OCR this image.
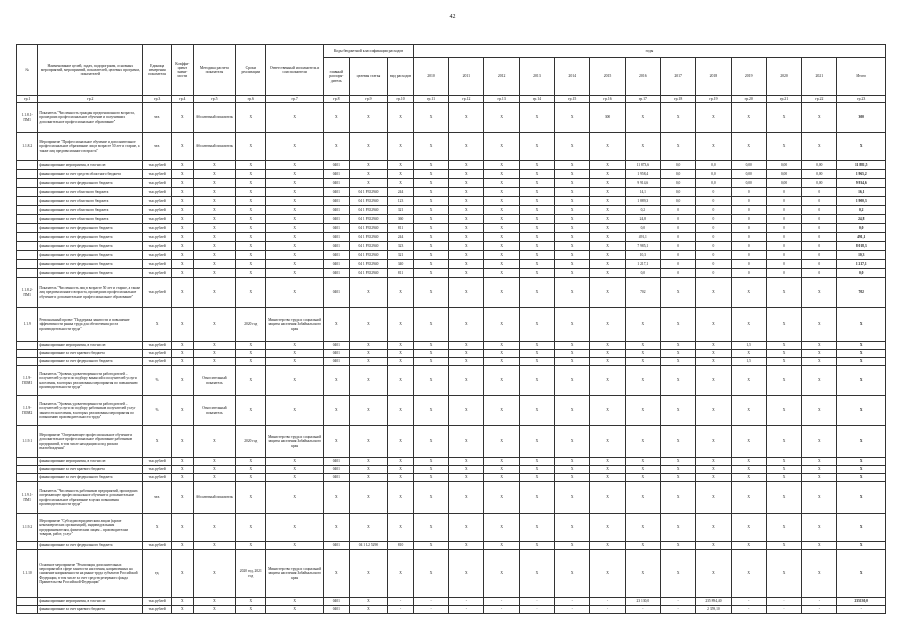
42
№	Наименование целей, задач, подпрограмм, основных мероприятий, мероприятий, показателей, целевых программ, показателей	Единица измерения показателя	Коэффи-циент значи-мости	Методика расчета показателя	Сроки реализации	Ответственный исполнитель и соисполнители	Коды бюджетной классификации расходов			годы												
							главный распоря-дитель	целевая статья	вид расходов	2010	2011	2012	2013	2014	2015	2016	2017	2018	2019	2020	2021	Итого
гр.1	гр.2	гр.3	гр.4	гр.5	гр.6	гр.7	гр.8	гр.9	гр.10	гр.11	гр.12	гр.13	гр.14	гр.15	гр.16	гр.17	гр.18	гр.19	гр.20	гр.21	гр.22	гр.23
1.1.8.1-ПМ1	Показатель "Численность граждан предпенсионного возраста, прошедших профессиональное обучение и получивших дополнительное профессиональное образование"	чел.	Х	Абсолютный показатель	Х	Х	Х	Х	Х	Х	Х	Х	Х	Х	300	Х	Х	Х	Х	Х	Х	300
1.1.8.2	Мероприятие "Профессиональное обучение и дополнительное профессиональное образование лиц в возрасте 50 лет и старше, а также лиц предпенсионного возраста"	чел.	Х	Абсолютный показатель	Х	Х	Х	Х	Х	Х	Х	Х	Х	Х	Х	Х	Х	Х	Х	Х	Х	Х
	финансирование мероприятия, в том числе:	тыс.рублей	Х	Х	Х	Х	0401	Х	Х	Х	Х	Х	Х	Х	Х	11 873,6	0,0	0,0	0,00	0,00	0,00	11 881,5
	финансирование за счет средств областного бюджета	тыс.рублей	Х	Х	Х	Х	0401	Х	Х	Х	Х	Х	Х	Х	Х	1 958,4	0,0	0,0	0,00	0,00	0,00	1 965,2
	финансирование за счет федерального бюджета	тыс.рублей	Х	Х	Х	Х	0401	Х	Х	Х	Х	Х	Х	Х	Х	9 914,6	0,0	0,0	0,00	0,00	0,00	9 934,6
	финансирование за счет областного бюджета	тыс.рублей	Х	Х	Х	Х	0401	04 1 P352940	244	Х	Х	Х	Х	Х	Х	14,1	0,0	0	0	0	0	16,1
	финансирование за счет областного бюджета	тыс.рублей	Х	Х	Х	Х	0401	04 1 P352940	123	Х	Х	Х	Х	Х	Х	1 889,3	0,0	0	0	0	0	1 900,3
	финансирование за счет областного бюджета	тыс.рублей	Х	Х	Х	Х	0401	04 1 P352940	321	Х	Х	Х	Х	Х	Х	0,2	0	0	0	0	0	0,2
	финансирование за счет областного бюджета	тыс.рублей	Х	Х	Х	Х	0401	04 1 P352940	360	Х	Х	Х	Х	Х	Х	24,8	0	0	0	0	0	24,8
	финансирование за счет федерального бюджета	тыс.рублей	Х	Х	Х	Х	0401	04 1 P352940	811	Х	Х	Х	Х	Х	Х	0,0	0	0	0	0	0	0,0
	финансирование за счет федерального бюджета	тыс.рублей	Х	Х	Х	Х	0401	04 1 P352940	244	Х	Х	Х	Х	Х	Х	491,1	0	0	0	0	0	491,1
	финансирование за счет федерального бюджета	тыс.рублей	Х	Х	Х	Х	0401	04 1 P352940	323	Х	Х	Х	Х	Х	Х	7 985,1	0	0	0	0	0	8 018,3
	финансирование за счет федерального бюджета	тыс.рублей	Х	Х	Х	Х	0401	04 1 P352940	321	Х	Х	Х	Х	Х	Х	10,3	0	0	0	0	0	10,3
	финансирование за счет федерального бюджета	тыс.рублей	Х	Х	Х	Х	0401	04 1 P352940	340	Х	Х	Х	Х	Х	Х	1 217,1	0	0	0	0	0	1 217,1
	финансирование за счет федерального бюджета	тыс.рублей	Х	Х	Х	Х	0401	04 1 P352940	811	Х	Х	Х	Х	Х	Х	0,0	0	0	0	0	0	0,0
1.1.8.2-ПМ1	Показатель "Численность лиц в возрасте 50 лет и старше, а также лиц предпенсионного возраста, прошедших профессиональное обучение и дополнительное профессиональное образование"	тыс.рублей	Х	Х	Х	Х	0401	Х	Х	Х	Х	Х	Х	Х	Х	702	Х	Х	Х	Х	Х	702
1.1.9	Региональный проект "Поддержка занятости и повышение эффективности рынка труда для обеспечения роста производительности труда"	Х	Х	Х	2020 год	Министерство труда и социальной защиты населения Забайкальского края	Х	Х	Х	Х	Х	Х	Х	Х	Х	Х	Х	Х	Х	Х	Х	Х
	финансирование мероприятия, в том числе:	тыс.рублей	Х	Х	Х	Х	0401	Х	Х	Х	Х	Х	Х	Х	Х	Х	Х	Х	1,5	Х	Х	Х
	финансирование за счет краевого бюджета	тыс.рублей	Х	Х	Х	Х	0401	Х	Х	Х	Х	Х	Х	Х	Х	Х	Х	Х	Х	Х	Х	Х
	финансирование за счет федерального бюджета	тыс.рублей	Х	Х	Х	Х	0401	Х	Х	Х	Х	Х	Х	Х	Х	Х	Х	Х	1,5	Х	Х	Х
1.1.9-ПОМ1	Показатель "Уровень удовлетворенности работодателей – получателей услуги по подбору вакансий и получателей услуги населения, в которых реализованы мероприятия по повышению производительности труда"	%	Х	Относительный показатель	Х	Х	Х	Х	Х	Х	Х	Х	Х	Х	Х	Х	Х	Х	Х	Х	Х	Х
1.1.9-ПОМ2	Показатель "Уровень удовлетворенности работодателей – получателей услуги по подбору работников получателей услуг занятости населения, в которых реализованы мероприятия по повышению производительности труда"	%	Х	Относительный показатель	Х	Х	Х	Х	Х	Х	Х	Х	Х	Х	Х	Х	Х	Х	Х	Х	Х	Х
1.1.9.1	Мероприятие "Опережающее профессиональное обучение и дополнительное профессиональное образование работников предприятий, в том числе находящихся под риском высвобождения"	Х	Х	Х	2020 год	Министерство труда и социальной защиты населения Забайкальского края	Х	Х	Х	Х	Х	Х	Х	Х	Х	Х	Х	Х	Х	Х	Х	Х
	финансирование мероприятия, в том числе:	тыс.рублей	Х	Х	Х	Х	0401	Х	Х	Х	Х	Х	Х	Х	Х	Х	Х	Х	Х	Х	Х	Х
	финансирование за счет краевого бюджета	тыс.рублей	Х	Х	Х	Х	0401	Х	Х	Х	Х	Х	Х	Х	Х	Х	Х	Х	Х	Х	Х	Х
	финансирование за счет федерального бюджета	тыс.рублей	Х	Х	Х	Х	0401	Х	Х	Х	Х	Х	Х	Х	Х	Х	Х	Х	Х	Х	Х	Х
1.1.9.1-ПМ1	Показатель "Численность работников предприятий, прошедших опережающее профессиональное обучение и дополнительное профессиональное образование в целях повышения производительности труда"	чел.	Х	Абсолютный показатель	Х	Х	Х	Х	Х	Х	Х	Х	Х	Х	Х	Х	Х	Х	Х	Х	Х	Х
1.1.9.2	Мероприятие "Субсидии юридическим лицам (кроме некоммерческих организаций), индивидуальным предпринимателям, физическим лицам – производителям товаров, работ, услуг"	Х	Х	Х	Х	Х	Х	Х	Х	Х	Х	Х	Х	Х	Х	Х	Х	Х	Х	Х	Х	Х
	финансирование за счет федерального бюджета	тыс.рублей	Х	Х	Х	Х	0401	04 1 L2 5290	810	Х	Х	Х	Х	Х	Х	Х	Х	Х	Х	Х	Х	Х
1.1.10	Основное мероприятие "Реализация дополнительных мероприятий в сфере занятости населения, направленных на снижение напряженности на рынке труда субъектов Российской Федерации, в том числе за счет средств резервного фонда Правительства Российской Федерации"	ед.	Х	Х	2020 год, 2021 год	Министерство труда и социальной защиты населения Забайкальского края	Х	Х	Х	Х	Х	Х	Х	Х	Х	Х	Х	Х	Х	Х	Х	Х
	финансирование мероприятия, в том числе:	тыс.рублей	Х	Х	Х	Х	0401	Х	-	-	-	-	-	-	-	23 130,0	-	235 894,40	-	-	-	235130,0
	финансирование за счет краевого бюджета	тыс.рублей	Х	Х	Х	Х	0401	Х	-	-	-	-	-	-	-	-	-	2 359,10	-	-	-	-
